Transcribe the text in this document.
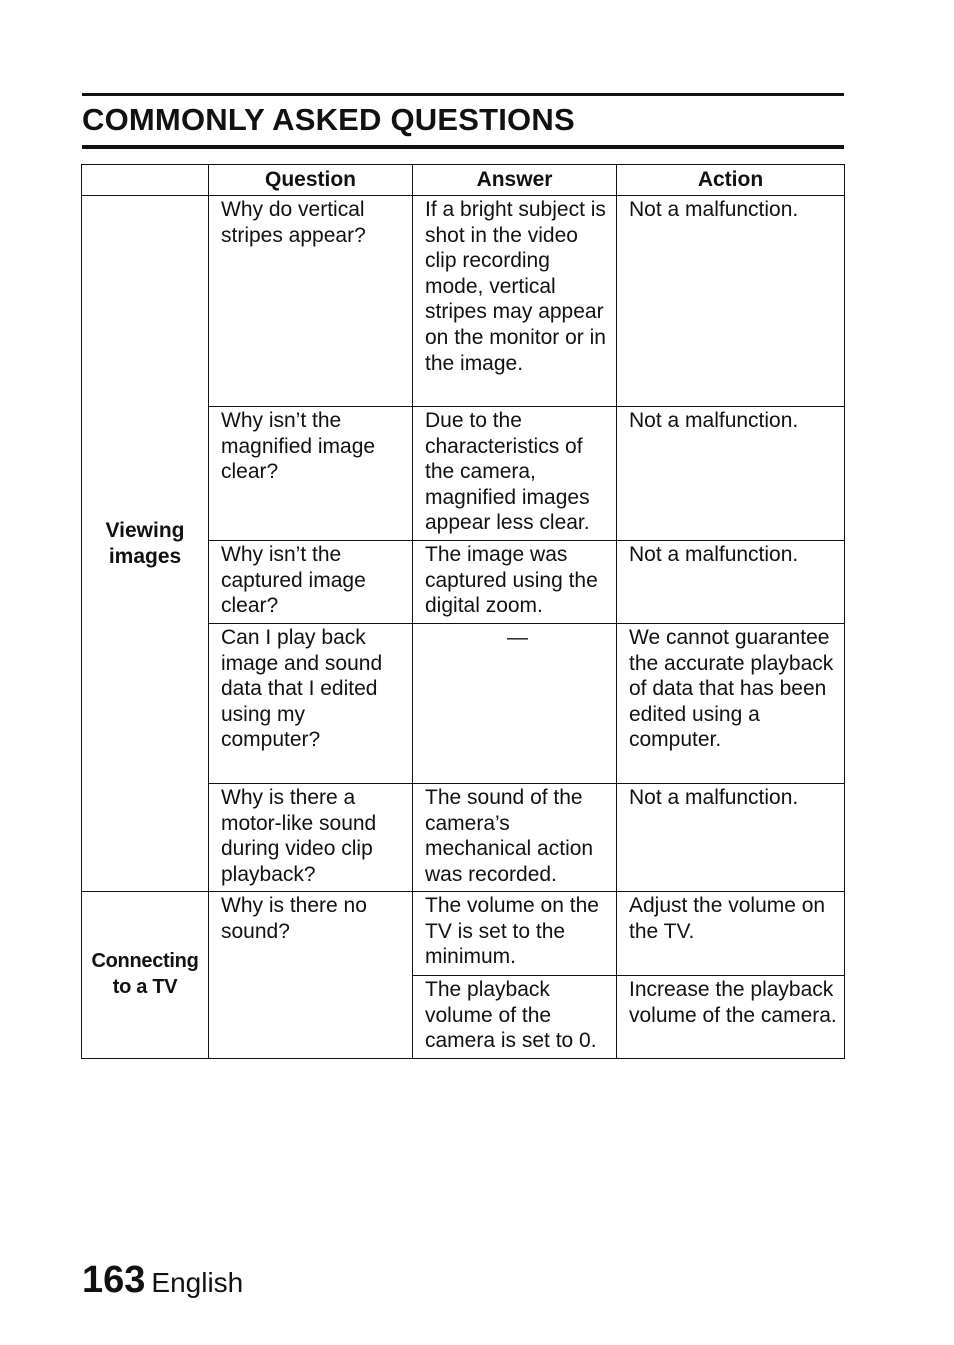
COMMONLY ASKED QUESTIONS
	Question	Answer	Action
Viewing images	Why do vertical stripes appear?	If a bright subject is shot in the video clip recording mode, vertical stripes may appear on the monitor or in the image.	Not a malfunction.
	Why isn’t the magnified image clear?	Due to the characteristics of the camera, magnified images appear less clear.	Not a malfunction.
	Why isn’t the captured image clear?	The image was captured using the digital zoom.	Not a malfunction.
	Can I play back image and sound data that I edited using my computer?	—	We cannot guarantee the accurate playback of data that has been edited using a computer.
	Why is there a motor-like sound during video clip playback?	The sound of the camera’s mechanical action was recorded.	Not a malfunction.
Connecting to a TV	Why is there no sound?	The volume on the TV is set to the minimum.	Adjust the volume on the TV.
		The playback volume of the camera is set to 0.	Increase the playback volume of the camera.
163 English
